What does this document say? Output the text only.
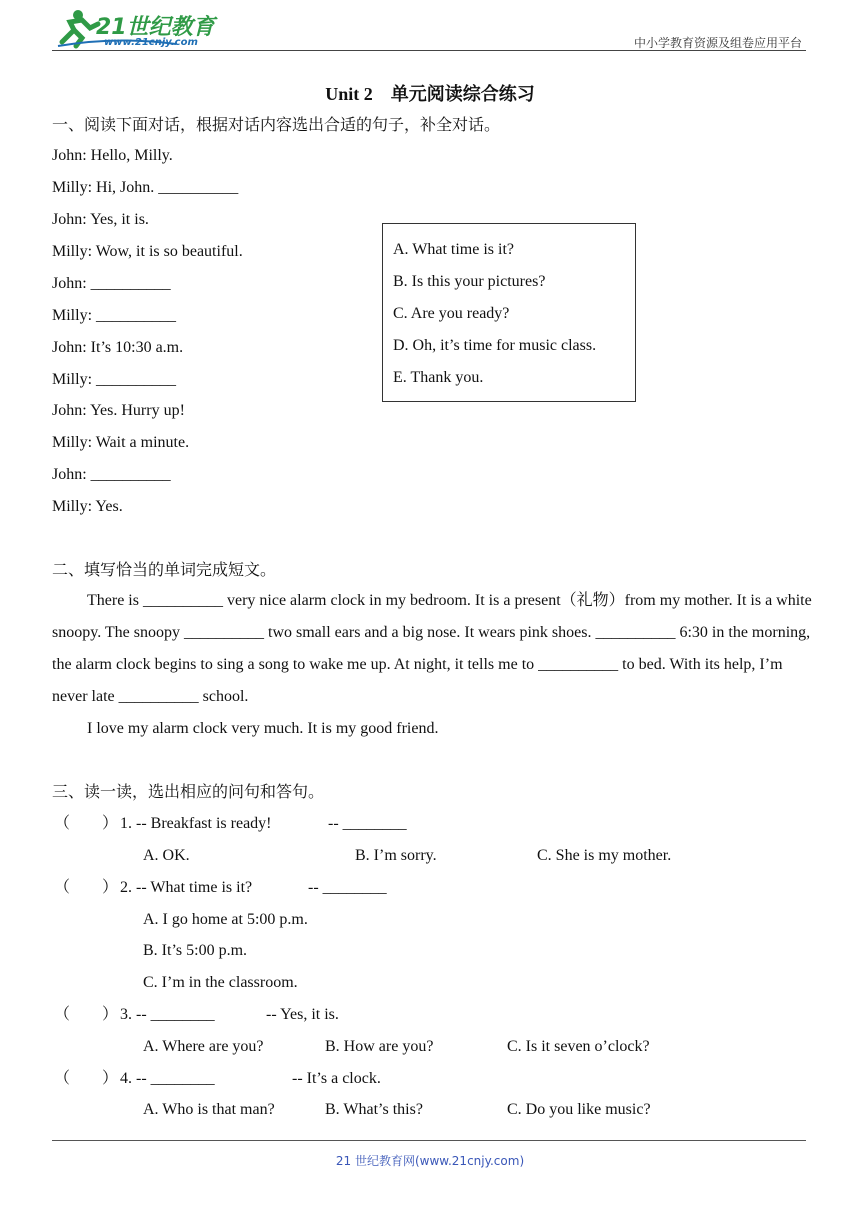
21世纪教育
www.21cnjy.com	中小学教育资源及组卷应用平台
Unit 2　单元阅读综合练习
一、阅读下面对话，根据对话内容选出合适的句子，补全对话。
John: Hello, Milly.
Milly: Hi, John. __________
John: Yes, it is.
Milly: Wow, it is so beautiful.
John: __________
Milly: __________
John: It’s 10:30 a.m.
Milly: __________
John: Yes. Hurry up!
Milly: Wait a minute.
John: __________
Milly: Yes.
A. What time is it?
B. Is this your pictures?
C. Are you ready?
D. Oh, it’s time for music class.
E. Thank you.
二、填写恰当的单词完成短文。
There is __________ very nice alarm clock in my bedroom. It is a present（礼物）from my mother. It is a white snoopy. The snoopy __________ two small ears and a big nose. It wears pink shoes. __________ 6:30 in the morning, the alarm clock begins to sing a song to wake me up. At night, it tells me to __________ to bed. With its help, I’m never late __________ school.
I love my alarm clock very much. It is my good friend.
三、读一读，选出相应的问句和答句。
（　　） 1. -- Breakfast is ready!	-- ________
A. OK.	B. I’m sorry.	C. She is my mother.
（　　） 2. -- What time is it?	-- ________
A. I go home at 5:00 p.m.
B. It’s 5:00 p.m.
C. I’m in the classroom.
（　　） 3. -- ________	-- Yes, it is.
A. Where are you?	B. How are you?	C. Is it seven o’clock?
（　　） 4. -- ________	-- It’s a clock.
A. Who is that man?	B. What’s this?	C. Do you like music?
21 世纪教育网(www.21cnjy.com)
